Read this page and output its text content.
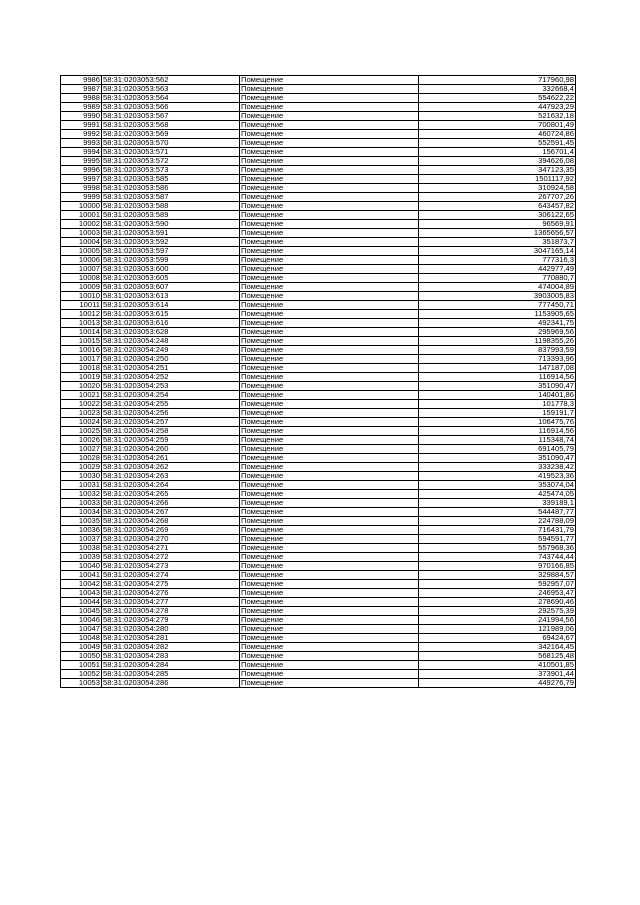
9986	58:31:0203053:562	Помещение	717960,98
9987	58:31:0203053:563	Помещение	332668,4
9988	58:31:0203053:564	Помещение	554622,22
9989	58:31:0203053:566	Помещение	447923,29
9990	58:31:0203053:567	Помещение	521632,18
9991	58:31:0203053:568	Помещение	700801,49
9992	58:31:0203053:569	Помещение	460724,86
9993	58:31:0203053:570	Помещение	552591,45
9994	58:31:0203053:571	Помещение	156701,4
9995	58:31:0203053:572	Помещение	394626,08
9996	58:31:0203053:573	Помещение	347123,35
9997	58:31:0203053:585	Помещение	1501117,92
9998	58:31:0203053:586	Помещение	310924,58
9999	58:31:0203053:587	Помещение	267707,26
10000	58:31:0203053:588	Помещение	643457,82
10001	58:31:0203053:589	Помещение	306122,65
10002	58:31:0203053:590	Помещение	96569,91
10003	58:31:0203053:591	Помещение	1365656,57
10004	58:31:0203053:592	Помещение	351873,7
10005	58:31:0203053:597	Помещение	3047165,14
10006	58:31:0203053:599	Помещение	777316,3
10007	58:31:0203053:600	Помещение	442977,49
10008	58:31:0203053:605	Помещение	770880,7
10009	58:31:0203053:607	Помещение	474004,89
10010	58:31:0203053:613	Помещение	3903005,83
10011	58:31:0203053:614	Помещение	777450,71
10012	58:31:0203053:615	Помещение	1153905,65
10013	58:31:0203053:616	Помещение	492341,75
10014	58:31:0203053:628	Помещение	295969,56
10015	58:31:0203054:248	Помещение	1198355,26
10016	58:31:0203054:249	Помещение	837993,59
10017	58:31:0203054:250	Помещение	713393,96
10018	58:31:0203054:251	Помещение	147187,08
10019	58:31:0203054:252	Помещение	116914,56
10020	58:31:0203054:253	Помещение	351090,47
10021	58:31:0203054:254	Помещение	140401,86
10022	58:31:0203054:255	Помещение	101778,3
10023	58:31:0203054:256	Помещение	159191,7
10024	58:31:0203054:257	Помещение	106475,76
10025	58:31:0203054:258	Помещение	116914,56
10026	58:31:0203054:259	Помещение	115348,74
10027	58:31:0203054:260	Помещение	691405,79
10028	58:31:0203054:261	Помещение	351090,47
10029	58:31:0203054:262	Помещение	333238,42
10030	58:31:0203054:263	Помещение	419523,36
10031	58:31:0203054:264	Помещение	353074,04
10032	58:31:0203054:265	Помещение	425474,05
10033	58:31:0203054:266	Помещение	339189,1
10034	58:31:0203054:267	Помещение	544487,77
10035	58:31:0203054:268	Помещение	224788,09
10036	58:31:0203054:269	Помещение	716431,79
10037	58:31:0203054:270	Помещение	594591,77
10038	58:31:0203054:271	Помещение	557968,36
10039	58:31:0203054:272	Помещение	743744,44
10040	58:31:0203054:273	Помещение	970166,85
10041	58:31:0203054:274	Помещение	329884,57
10042	58:31:0203054:275	Помещение	592957,07
10043	58:31:0203054:276	Помещение	246953,47
10044	58:31:0203054:277	Помещение	278690,46
10045	58:31:0203054:278	Помещение	292575,39
10046	58:31:0203054:279	Помещение	241994,56
10047	58:31:0203054:280	Помещение	121989,06
10048	58:31:0203054:281	Помещение	69424,67
10049	58:31:0203054:282	Помещение	342164,45
10050	58:31:0203054:283	Помещение	568125,48
10051	58:31:0203054:284	Помещение	410501,85
10052	58:31:0203054:285	Помещение	373901,44
10053	58:31:0203054:286	Помещение	449276,79
